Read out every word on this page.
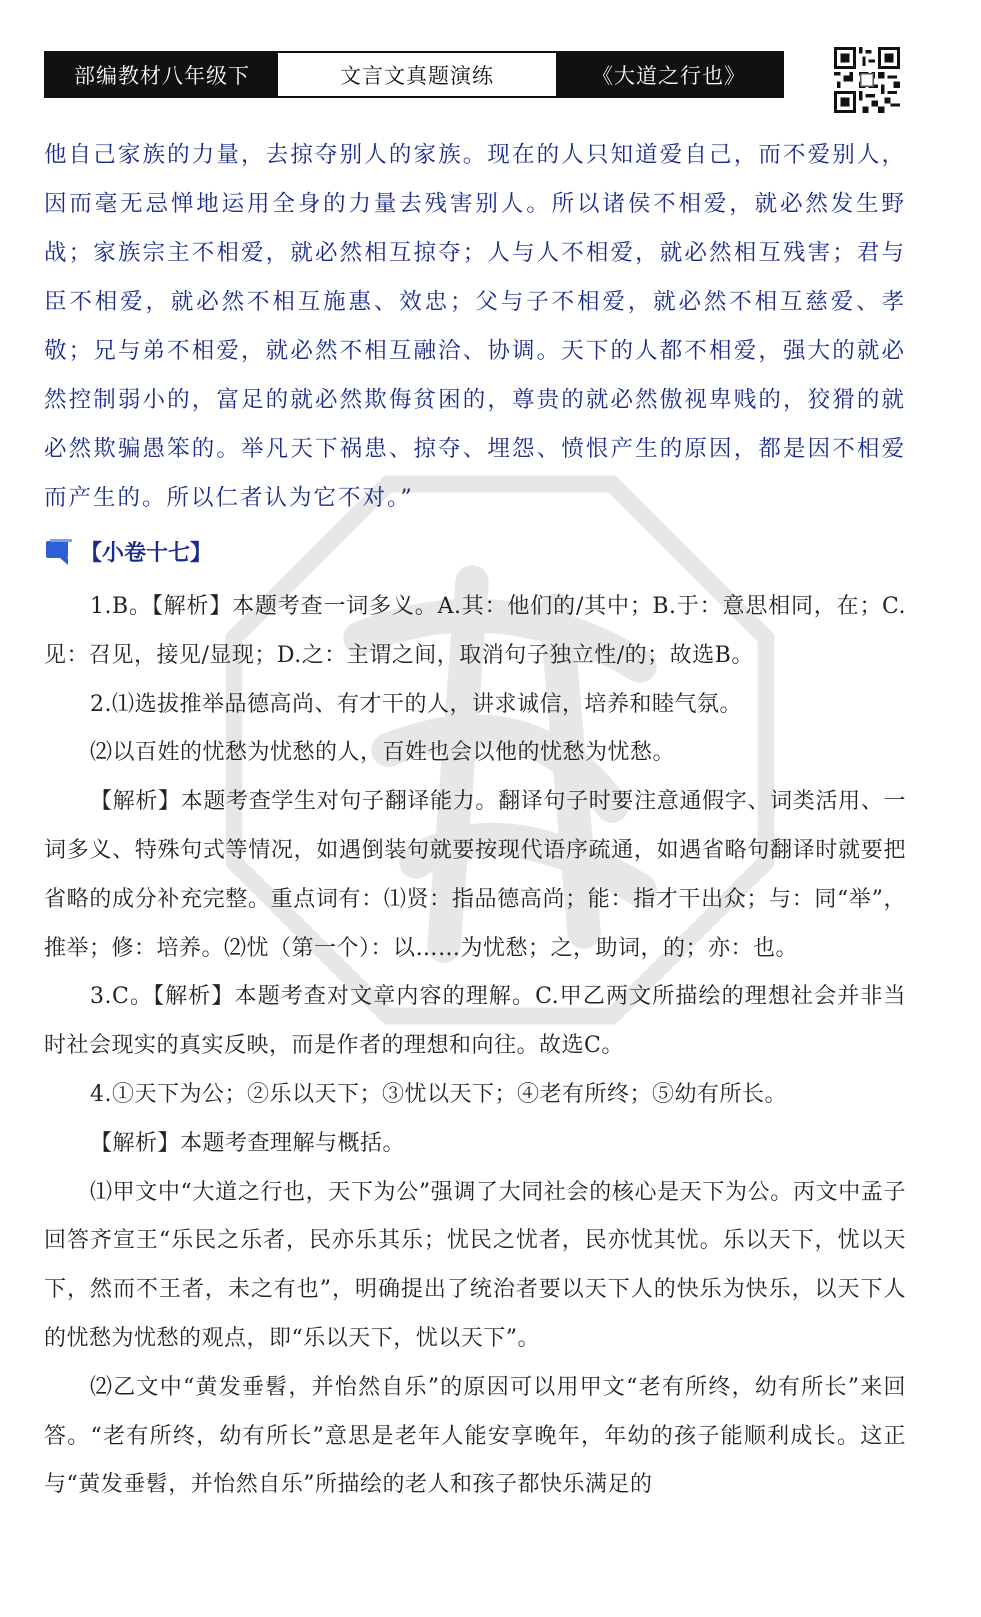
部编教材八年级下	文言文真题演练	《大道之行也》
他自己家族的力量，去掠夺别人的家族。现在的人只知道爱自己，而不爱别人，因而毫无忌惮地运用全身的力量去残害别人。所以诸侯不相爱，就必然发生野战；家族宗主不相爱，就必然相互掠夺；人与人不相爱，就必然相互残害；君与臣不相爱，就必然不相互施惠、效忠；父与子不相爱，就必然不相互慈爱、孝敬；兄与弟不相爱，就必然不相互融洽、协调。天下的人都不相爱，强大的就必然控制弱小的，富足的就必然欺侮贫困的，尊贵的就必然傲视卑贱的，狡猾的就必然欺骗愚笨的。举凡天下祸患、掠夺、埋怨、愤恨产生的原因，都是因不相爱而产生的。所以仁者认为它不对。”
【小卷十七】

1.B。【解析】本题考查一词多义。A.其：他们的/其中；B.于：意思相同，在；C.见：召见，接见/显现；D.之：主谓之间，取消句子独立性/的；故选B。

2.⑴选拔推举品德高尚、有才干的人，讲求诚信，培养和睦气氛。

⑵以百姓的忧愁为忧愁的人，百姓也会以他的忧愁为忧愁。

【解析】本题考查学生对句子翻译能力。翻译句子时要注意通假字、词类活用、一词多义、特殊句式等情况，如遇倒装句就要按现代语序疏通，如遇省略句翻译时就要把省略的成分补充完整。重点词有：⑴贤：指品德高尚；能：指才干出众；与：同“举”，推举；修：培养。⑵忧（第一个）：以……为忧愁；之，助词，的；亦：也。

3.C。【解析】本题考查对文章内容的理解。C.甲乙两文所描绘的理想社会并非当时社会现实的真实反映，而是作者的理想和向往。故选C。

4.①天下为公；②乐以天下；③忧以天下；④老有所终；⑤幼有所长。

【解析】本题考查理解与概括。

⑴甲文中“大道之行也，天下为公”强调了大同社会的核心是天下为公。丙文中孟子回答齐宣王“乐民之乐者，民亦乐其乐；忧民之忧者，民亦忧其忧。乐以天下，忧以天下，然而不王者，未之有也”，明确提出了统治者要以天下人的快乐为快乐，以天下人的忧愁为忧愁的观点，即“乐以天下，忧以天下”。

⑵乙文中“黄发垂髫，并怡然自乐”的原因可以用甲文“老有所终，幼有所长”来回答。“老有所终，幼有所长”意思是老年人能安享晚年，年幼的孩子能顺利成长。这正与“黄发垂髫，并怡然自乐”所描绘的老人和孩子都快乐满足的
